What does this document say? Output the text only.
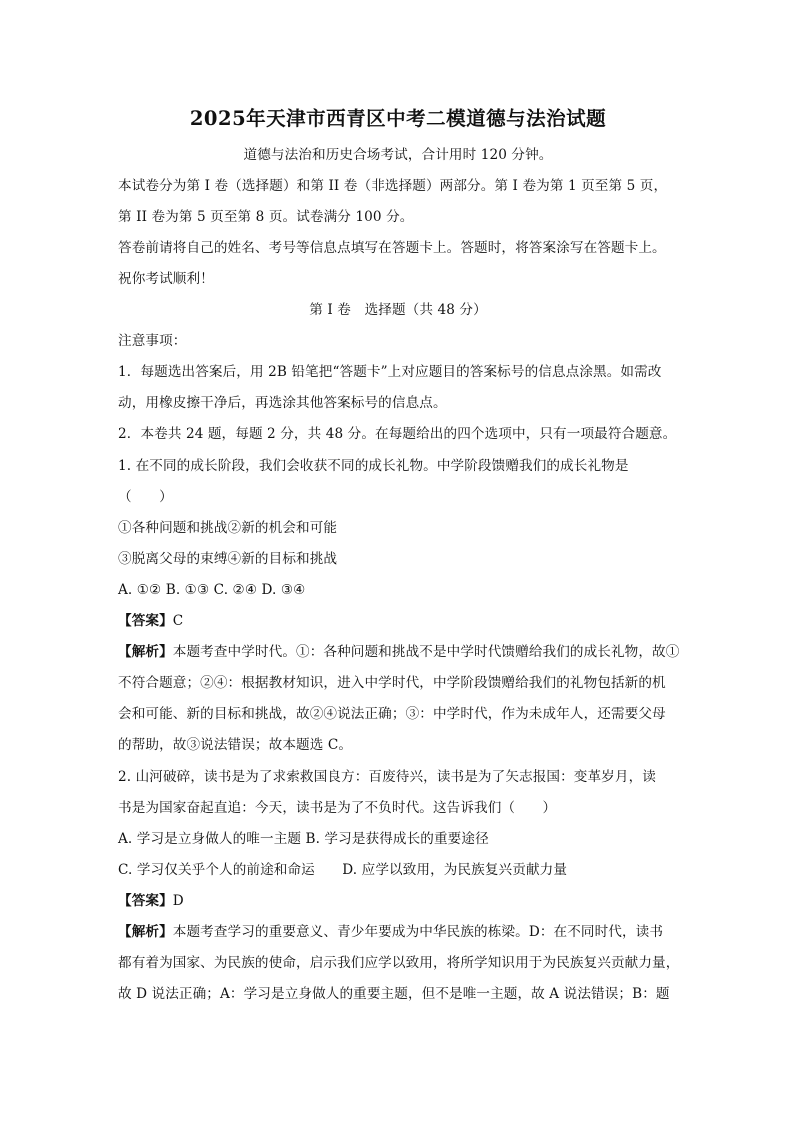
2025年天津市西青区中考二模道德与法治试题
道德与法治和历史合场考试，合计用时 120 分钟。
本试卷分为第 I 卷（选择题）和第 II 卷（非选择题）两部分。第 I 卷为第 1 页至第 5 页，
第 II 卷为第 5 页至第 8 页。试卷满分 100 分。
答卷前请将自己的姓名、考号等信息点填写在答题卡上。答题时，将答案涂写在答题卡上。
祝你考试顺利！
第 I 卷　选择题（共 48 分）
注意事项：
1．每题选出答案后，用 2B 铅笔把“答题卡”上对应题目的答案标号的信息点涂黑。如需改
动，用橡皮擦干净后，再选涂其他答案标号的信息点。
2．本卷共 24 题，每题 2 分，共 48 分。在每题给出的四个选项中，只有一项最符合题意。
1. 在不同的成长阶段，我们会收获不同的成长礼物。中学阶段馈赠我们的成长礼物是
（　　）
①各种问题和挑战②新的机会和可能
③脱离父母的束缚④新的目标和挑战
A. ①② B. ①③ C. ②④ D. ③④
【答案】C
【解析】本题考查中学时代。①：各种问题和挑战不是中学时代馈赠给我们的成长礼物，故①
不符合题意；②④：根据教材知识，进入中学时代，中学阶段馈赠给我们的礼物包括新的机
会和可能、新的目标和挑战，故②④说法正确；③：中学时代，作为未成年人，还需要父母
的帮助，故③说法错误；故本题选 C。
2. 山河破碎，读书是为了求索救国良方：百废待兴，读书是为了矢志报国：变革岁月，读
书是为国家奋起直追：今天，读书是为了不负时代。这告诉我们（　　）
A. 学习是立身做人的唯一主题 B. 学习是获得成长的重要途径
C. 学习仅关乎个人的前途和命运　　D. 应学以致用，为民族复兴贡献力量
【答案】D
【解析】本题考查学习的重要意义、青少年要成为中华民族的栋梁。D：在不同时代，读书
都有着为国家、为民族的使命，启示我们应学以致用，将所学知识用于为民族复兴贡献力量，
故 D 说法正确；A：学习是立身做人的重要主题，但不是唯一主题，故 A 说法错误；B：题
